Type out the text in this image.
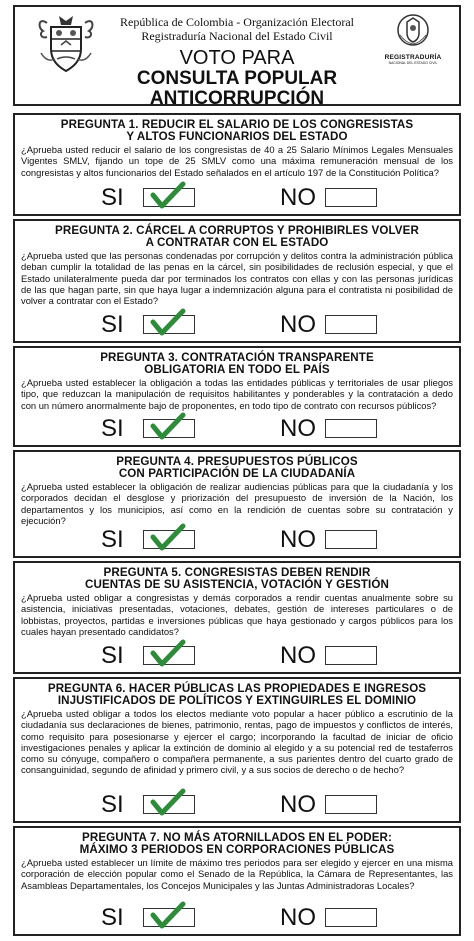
República de Colombia - Organización Electoral
Registraduría Nacional del Estado Civil
VOTO PARA
CONSULTA POPULAR
ANTICORRUPCIÓN
REGISTRADURÍA
NACIONAL DEL ESTADO CIVIL
PREGUNTA 1. REDUCIR EL SALARIO DE LOS CONGRESISTAS
Y ALTOS FUNCIONARIOS DEL ESTADO
¿Aprueba usted reducir el salario de los congresistas de 40 a 25 Salario Mínimos Legales Mensuales Vigentes SMLV, fijando un tope de 25 SMLV como una máxima remuneración mensual de los congresistas y altos funcionarios del Estado señalados en el artículo 197 de la Constitución Política?
SI	NO
PREGUNTA 2. CÁRCEL A CORRUPTOS Y PROHIBIRLES VOLVER
A CONTRATAR CON EL ESTADO
¿Aprueba usted que las personas condenadas por corrupción y delitos contra la administración pública deban cumplir la totalidad de las penas en la cárcel, sin posibilidades de reclusión especial, y que el Estado unilateralmente pueda dar por terminados los contratos con ellas y con las personas jurídicas de las que hagan parte, sin que haya lugar a indemnización alguna para el contratista ni posibilidad de volver a contratar con el Estado?
SI	NO
PREGUNTA 3. CONTRATACIÓN TRANSPARENTE
OBLIGATORIA EN TODO EL PAÍS
¿Aprueba usted establecer la obligación a todas las entidades públicas y territoriales de usar pliegos tipo, que reduzcan la manipulación de requisitos habilitantes y ponderables y la contratación a dedo con un número anormalmente bajo de proponentes, en todo tipo de contrato con recursos públicos?
SI	NO
PREGUNTA 4. PRESUPUESTOS PÚBLICOS
CON PARTICIPACIÓN DE LA CIUDADANÍA
¿Aprueba usted establecer la obligación de realizar audiencias públicas para que la ciudadanía y los corporados decidan el desglose y priorización del presupuesto de inversión de la Nación, los departamentos y los municipios, así como en la rendición de cuentas sobre su contratación y ejecución?
SI	NO
PREGUNTA 5. CONGRESISTAS DEBEN RENDIR
CUENTAS DE SU ASISTENCIA, VOTACIÓN Y GESTIÓN
¿Aprueba usted obligar a congresistas y demás corporados a rendir cuentas anualmente sobre su asistencia, iniciativas presentadas, votaciones, debates, gestión de intereses particulares o de lobbistas, proyectos, partidas e inversiones públicas que haya gestionado y cargos públicos para los cuales hayan presentado candidatos?
SI	NO
PREGUNTA 6. HACER PÚBLICAS LAS PROPIEDADES E INGRESOS
INJUSTIFICADOS DE POLÍTICOS Y EXTINGUIRLES EL DOMINIO
¿Aprueba usted obligar a todos los electos mediante voto popular a hacer público a escrutinio de la ciudadanía sus declaraciones de bienes, patrimonio, rentas, pago de impuestos y conflictos de interés, como requisito para posesionarse y ejercer el cargo; incorporando la facultad de iniciar de oficio investigaciones penales y aplicar la extinción de dominio al elegido y a su potencial red de testaferros como su cónyuge, compañero o compañera permanente, a sus parientes dentro del cuarto grado de consanguinidad, segundo de afinidad y primero civil, y a sus socios de derecho o de hecho?
SI	NO
PREGUNTA 7. NO MÁS ATORNILLADOS EN EL PODER:
MÁXIMO 3 PERIODOS EN CORPORACIONES PÚBLICAS
¿Aprueba usted establecer un límite de máximo tres periodos para ser elegido y ejercer en una misma corporación de elección popular como el Senado de la República, la Cámara de Representantes, las Asambleas Departamentales, los Concejos Municipales y las Juntas Administradoras Locales?
SI	NO
